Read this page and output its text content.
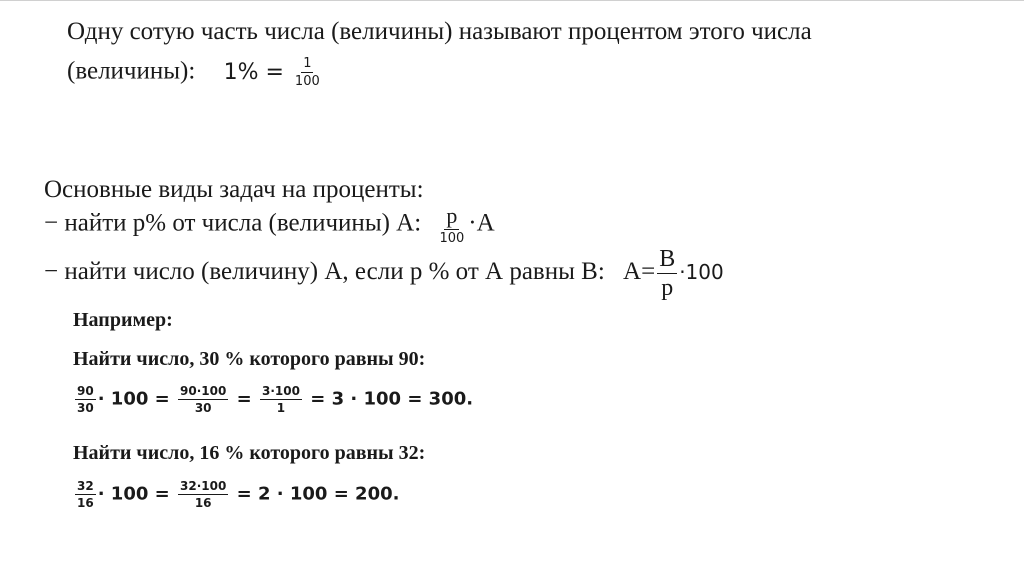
Одну сотую часть числа (величины) называют процентом этого числа
(величины): $1\% = \frac{1}{100}$
Основные виды задач на проценты:
− найти р% от числа (величины) А: $\frac{p}{100} \cdot A$
− найти число (величину) А, если р % от А равны В: $A= \frac{B}{p} \cdot 100$
Например:
Найти число, 30 % которого равны 90:
$\frac{90}{30} \cdot 100 = \frac{90\cdot 100}{30} = \frac{3\cdot 100}{1} = 3 \cdot 100 = 300$.
Найти число, 16 % которого равны 32:
$\frac{32}{16} \cdot 100 = \frac{32\cdot 100}{16} = 2 \cdot 100 = 200$.
